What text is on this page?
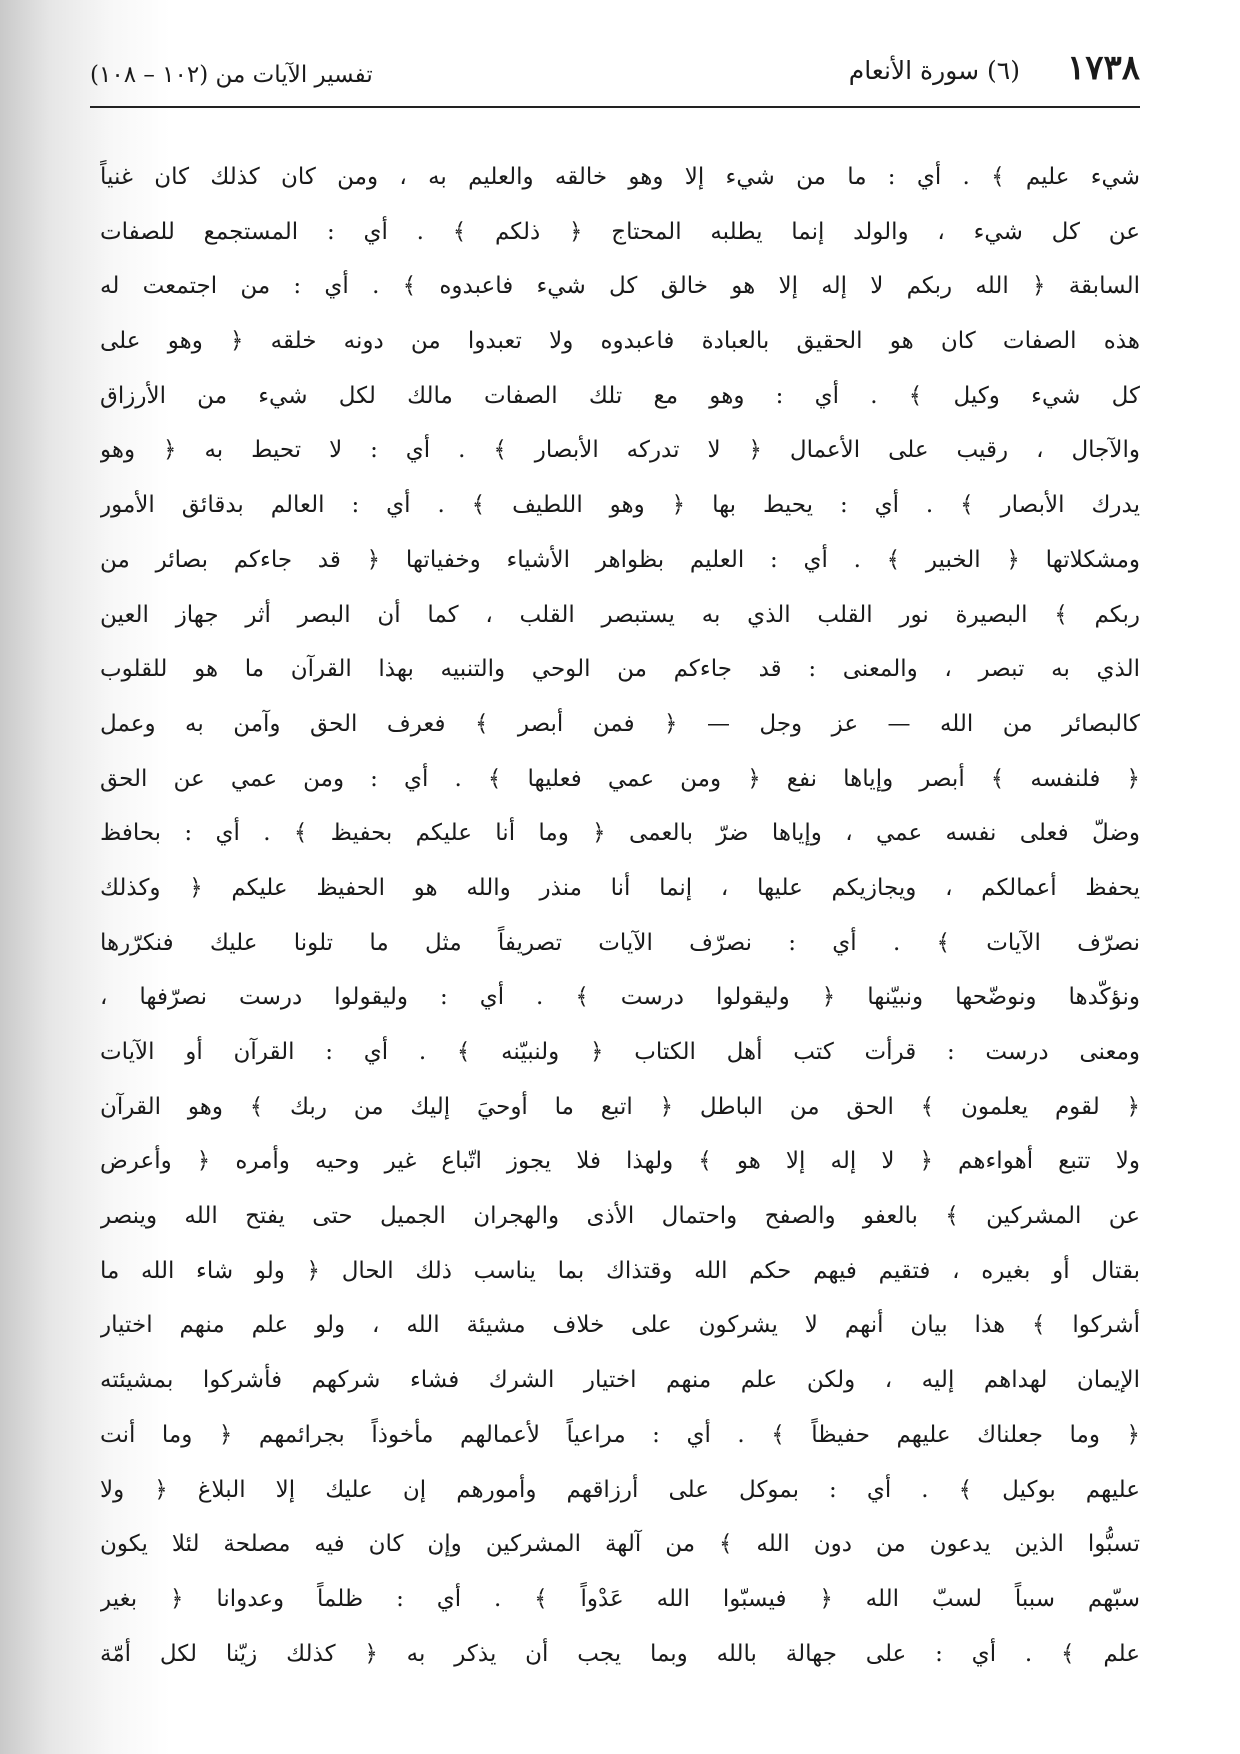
١٧٣٨
(٦) سورة الأنعام
تفسير الآيات من (١٠٢ – ١٠٨)
شيء عليم ﴾ . أي : ما من شيء إلا وهو خالقه والعليم به ، ومن كان كذلك كان غنياً
عن كل شيء ، والولد إنما يطلبه المحتاج ﴿ ذلكم ﴾ . أي : المستجمع للصفات
السابقة ﴿ الله ربكم لا إله إلا هو خالق كل شيء فاعبدوه ﴾ . أي : من اجتمعت له
هذه الصفات كان هو الحقيق بالعبادة فاعبدوه ولا تعبدوا من دونه خلقه ﴿ وهو على
كل شيء وكيل ﴾ . أي : وهو مع تلك الصفات مالك لكل شيء من الأرزاق
والآجال ، رقيب على الأعمال ﴿ لا تدركه الأبصار ﴾ . أي : لا تحيط به ﴿ وهو
يدرك الأبصار ﴾ . أي : يحيط بها ﴿ وهو اللطيف ﴾ . أي : العالم بدقائق الأمور
ومشكلاتها ﴿ الخبير ﴾ . أي : العليم بظواهر الأشياء وخفياتها ﴿ قد جاءكم بصائر من
ربكم ﴾ البصيرة نور القلب الذي به يستبصر القلب ، كما أن البصر أثر جهاز العين
الذي به تبصر ، والمعنى : قد جاءكم من الوحي والتنبيه بهذا القرآن ما هو للقلوب
كالبصائر من الله — عز وجل — ﴿ فمن أبصر ﴾ فعرف الحق وآمن به وعمل
﴿ فلنفسه ﴾ أبصر وإياها نفع ﴿ ومن عمي فعليها ﴾ . أي : ومن عمي عن الحق
وضلّ فعلى نفسه عمي ، وإياها ضرّ بالعمى ﴿ وما أنا عليكم بحفيظ ﴾ . أي : بحافظ
يحفظ أعمالكم ، ويجازيكم عليها ، إنما أنا منذر والله هو الحفيظ عليكم ﴿ وكذلك
نصرّف الآيات ﴾ . أي : نصرّف الآيات تصريفاً مثل ما تلونا عليك فنكرّرها
ونؤكّدها ونوضّحها ونبيّنها ﴿ وليقولوا درست ﴾ . أي : وليقولوا درست نصرّفها ،
ومعنى درست : قرأت كتب أهل الكتاب ﴿ ولنبيّنه ﴾ . أي : القرآن أو الآيات
﴿ لقوم يعلمون ﴾ الحق من الباطل ﴿ اتبع ما أوحيَ إليك من ربك ﴾ وهو القرآن
ولا تتبع أهواءهم ﴿ لا إله إلا هو ﴾ ولهذا فلا يجوز اتّباع غير وحيه وأمره ﴿ وأعرض
عن المشركين ﴾ بالعفو والصفح واحتمال الأذى والهجران الجميل حتى يفتح الله وينصر
بقتال أو بغيره ، فتقيم فيهم حكم الله وقتذاك بما يناسب ذلك الحال ﴿ ولو شاء الله ما
أشركوا ﴾ هذا بيان أنهم لا يشركون على خلاف مشيئة الله ، ولو علم منهم اختيار
الإيمان لهداهم إليه ، ولكن علم منهم اختيار الشرك فشاء شركهم فأشركوا بمشيئته
﴿ وما جعلناك عليهم حفيظاً ﴾ . أي : مراعياً لأعمالهم مأخوذاً بجرائمهم ﴿ وما أنت
عليهم بوكيل ﴾ . أي : بموكل على أرزاقهم وأمورهم إن عليك إلا البلاغ ﴿ ولا
تسبُّوا الذين يدعون من دون الله ﴾ من آلهة المشركين وإن كان فيه مصلحة لئلا يكون
سبّهم سبباً لسبّ الله ﴿ فيسبّوا الله عَدْواً ﴾ . أي : ظلماً وعدوانا ﴿ بغير
علم ﴾ . أي : على جهالة بالله وبما يجب أن يذكر به ﴿ كذلك زيّنا لكل أمّة
